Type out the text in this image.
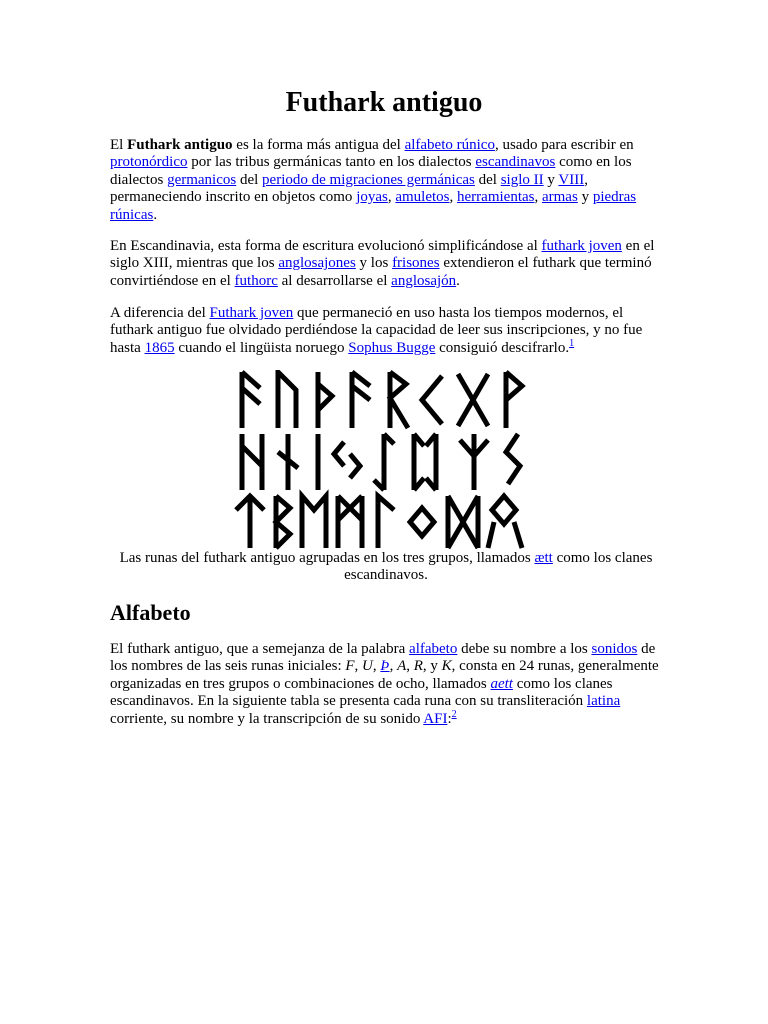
Futhark antiguo

El Futhark antiguo es la forma más antigua del alfabeto rúnico, usado para escribir en protonórdico por las tribus germánicas tanto en los dialectos escandinavos como en los dialectos germanicos del periodo de migraciones germánicas del siglo II y VIII, permaneciendo inscrito en objetos como joyas, amuletos, herramientas, armas y piedras rúnicas.

En Escandinavia, esta forma de escritura evolucionó simplificándose al futhark joven en el siglo XIII, mientras que los anglosajones y los frisones extendieron el futhark que terminó convirtiéndose en el futhorc al desarrollarse el anglosajón.

A diferencia del Futhark joven que permaneció en uso hasta los tiempos modernos, el futhark antiguo fue olvidado perdiéndose la capacidad de leer sus inscripciones, y no fue hasta 1865 cuando el lingüista noruego Sophus Bugge consiguió descifrarlo.$^1$

Las runas del futhark antiguo agrupadas en los tres grupos, llamados ætt como los clanes escandinavos.

Alfabeto

El futhark antiguo, que a semejanza de la palabra alfabeto debe su nombre a los sonidos de los nombres de las seis runas iniciales: F, U, Þ, A, R, y K, consta en 24 runas, generalmente organizadas en tres grupos o combinaciones de ocho, llamados aett como los clanes escandinavos. En la siguiente tabla se presenta cada runa con su transliteración latina corriente, su nombre y la transcripción de su sonido AFI:$^2$
